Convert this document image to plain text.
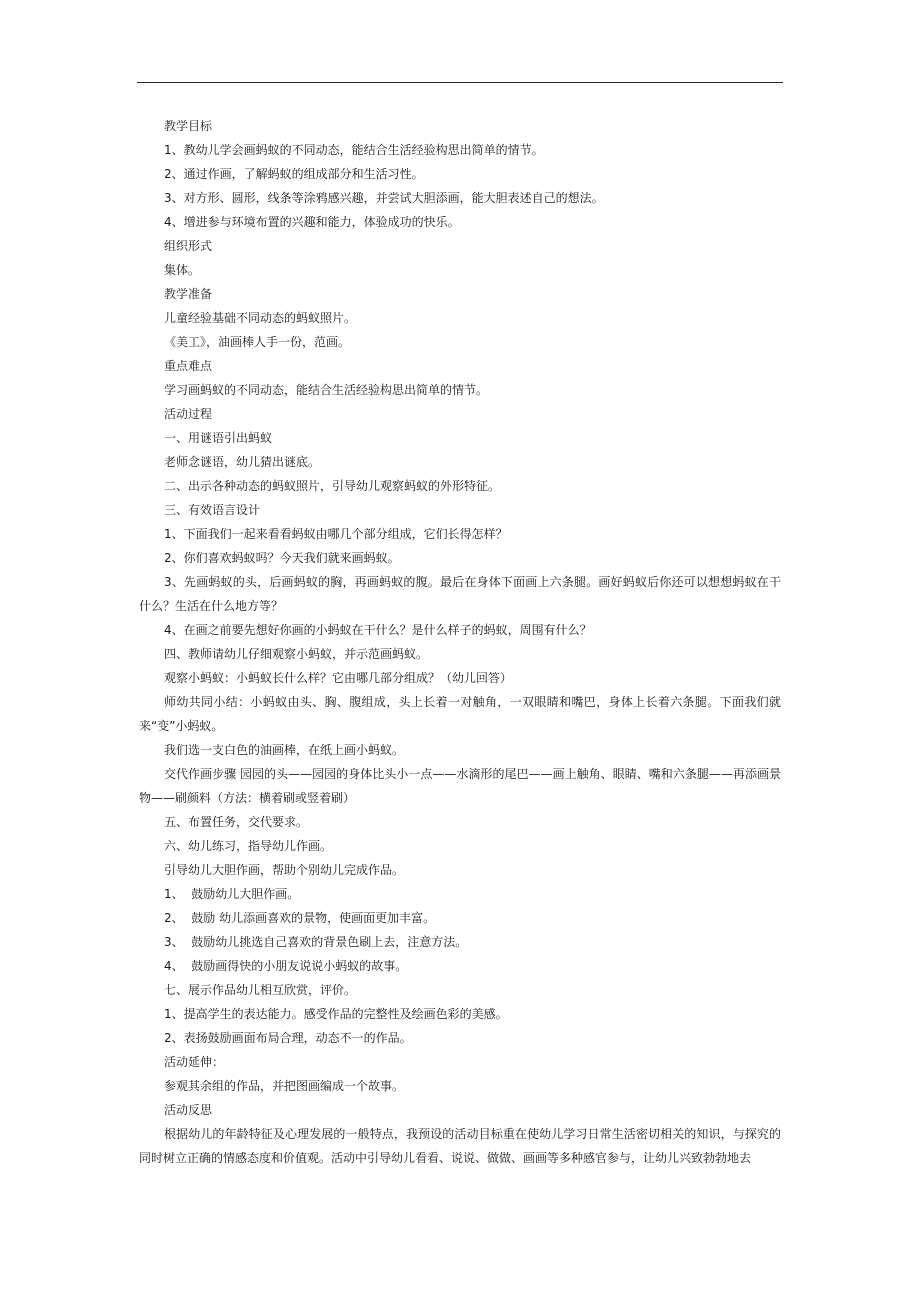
教学目标

1、教幼儿学会画蚂蚁的不同动态，能结合生活经验构思出简单的情节。

2、通过作画，了解蚂蚁的组成部分和生活习性。

3、对方形、圆形，线条等涂鸦感兴趣，并尝试大胆添画，能大胆表述自己的想法。

4、增进参与环境布置的兴趣和能力，体验成功的快乐。

组织形式

集体。

教学准备

儿童经验基础不同动态的蚂蚁照片。

《美工》，油画棒人手一份，范画。

重点难点

学习画蚂蚁的不同动态，能结合生活经验构思出简单的情节。

活动过程

一、用谜语引出蚂蚁

老师念谜语，幼儿猜出谜底。

二、出示各种动态的蚂蚁照片，引导幼儿观察蚂蚁的外形特征。

三、有效语言设计

1、下面我们一起来看看蚂蚁由哪几个部分组成，它们长得怎样？

2、你们喜欢蚂蚁吗？今天我们就来画蚂蚁。

3、先画蚂蚁的头，后画蚂蚁的胸，再画蚂蚁的腹。最后在身体下面画上六条腿。画好蚂蚁后你还可以想想蚂蚁在干什么？生活在什么地方等？

4、在画之前要先想好你画的小蚂蚁在干什么？是什么样子的蚂蚁，周围有什么？

四、教师请幼儿仔细观察小蚂蚁，并示范画蚂蚁。

观察小蚂蚁：小蚂蚁长什么样？它由哪几部分组成？（幼儿回答）

师幼共同小结：小蚂蚁由头、胸、腹组成，头上长着一对触角，一双眼睛和嘴巴，身体上长着六条腿。下面我们就来“变”小蚂蚁。

我们选一支白色的油画棒，在纸上画小蚂蚁。

交代作画步骤 园园的头——园园的身体比头小一点——水滴形的尾巴——画上触角、眼睛、嘴和六条腿——再添画景物——刷颜料（方法：横着刷或竖着刷）

五、布置任务，交代要求。

六、幼儿练习，指导幼儿作画。

引导幼儿大胆作画，帮助个别幼儿完成作品。

1、  鼓励幼儿大胆作画。

2、  鼓励 幼儿添画喜欢的景物，使画面更加丰富。

3、  鼓励幼儿挑选自己喜欢的背景色刷上去，注意方法。

4、  鼓励画得快的小朋友说说小蚂蚁的故事。

七、展示作品幼儿相互欣赏，评价。

1、提高学生的表达能力。感受作品的完整性及绘画色彩的美感。

2、表扬鼓励画面布局合理，动态不一的作品。

活动延伸：

参观其余组的作品，并把图画编成一个故事。

活动反思

根据幼儿的年龄特征及心理发展的一般特点，我预设的活动目标重在使幼儿学习日常生活密切相关的知识，与探究的同时树立正确的情感态度和价值观。活动中引导幼儿看看、说说、做做、画画等多种感官参与，让幼儿兴致勃勃地去
